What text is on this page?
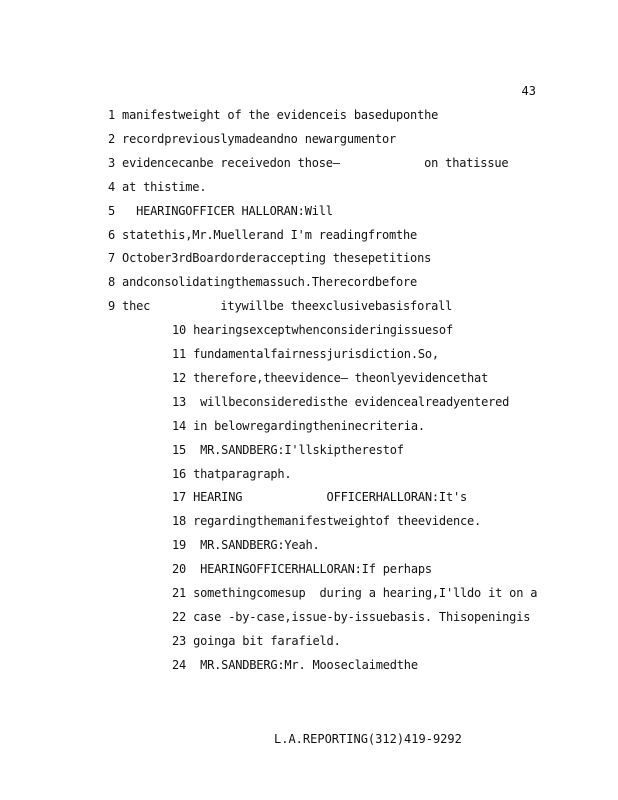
43
1 manifestweight of the evidenceis baseduponthe
2 recordpreviouslymadeandno newargumentor
3 evidencecanbe receivedon those—            on thatissue
4 at thistime.
5   HEARINGOFFICER HALLORAN:Will
6 statethis,Mr.Muellerand I'm readingfromthe
7 October3rdBoardorderaccepting thesepetitions
8 andconsolidatingthemassuch.Therecordbefore
9 thec          itywillbe theexclusivebasisforall
10 hearingsexceptwhenconsideringissuesof
11 fundamentalfairnessjurisdiction.So,
12 therefore,theevidence— theonlyevidencethat
13  willbeconsideredisthe evidencealreadyentered
14 in belowregardingtheninecriteria.
15  MR.SANDBERG:I'llskiptherestof
16 thatparagraph.
17 HEARING            OFFICERHALLORAN:It's
18 regardingthemanifestweightof theevidence.
19  MR.SANDBERG:Yeah.
20  HEARINGOFFICERHALLORAN:If perhaps
21 somethingcomesup  during a hearing,I'lldo it on a
22 case -by-case,issue-by-issuebasis. Thisopeningis
23 goinga bit farafield.
24  MR.SANDBERG:Mr. Mooseclaimedthe
L.A.REPORTING(312)419-9292
